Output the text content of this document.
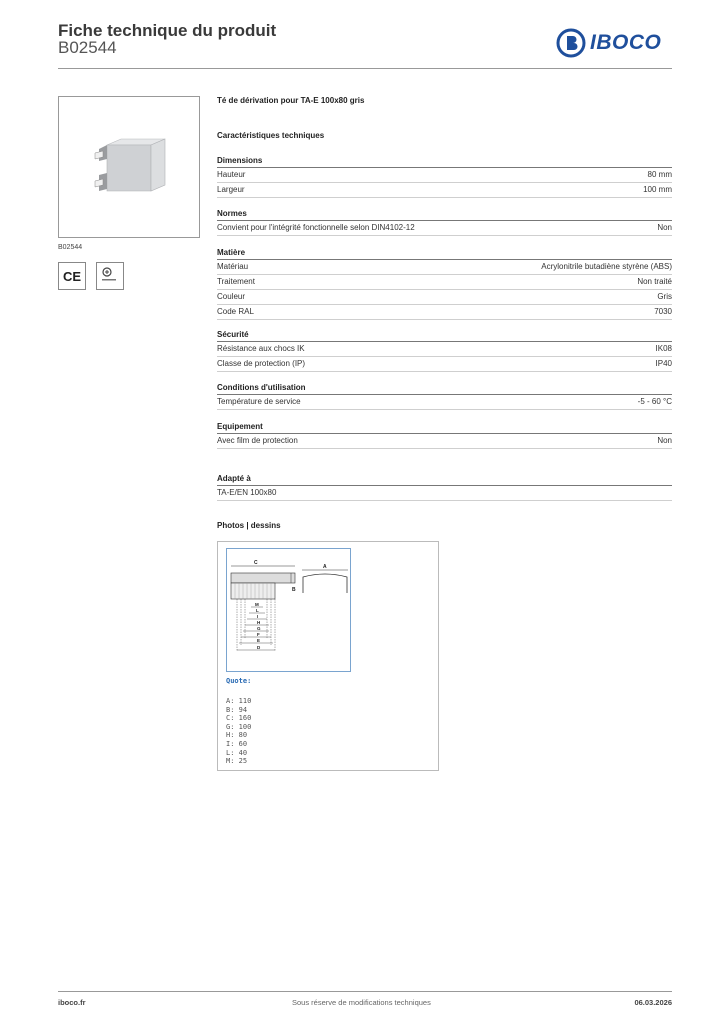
Fiche technique du produit
B02544	IBOCO
B02544
CE
Té de dérivation pour TA-E 100x80 gris
Caractéristiques techniques
Dimensions
Hauteur	80 mm
Largeur	100 mm
Normes
Convient pour l'intégrité fonctionnelle selon DIN4102-12	Non
Matière
Matériau	Acrylonitrile butadiène styrène (ABS)
Traitement	Non traité
Couleur	Gris
Code RAL	7030
Sécurité
Résistance aux chocs IK	IK08
Classe de protection (IP)	IP40
Conditions d'utilisation
Température de service	-5 - 60 °C
Equipement
Avec film de protection	Non
Adapté à
TA-E/EN 100x80
Photos | dessins
C
B
A
M
L
I
H
G
F
E
D
Quote:
A: 110
B: 94
C: 160
G: 100
H: 80
I: 60
L: 40
M: 25
iboco.fr	Sous réserve de modifications techniques	06.03.2026
